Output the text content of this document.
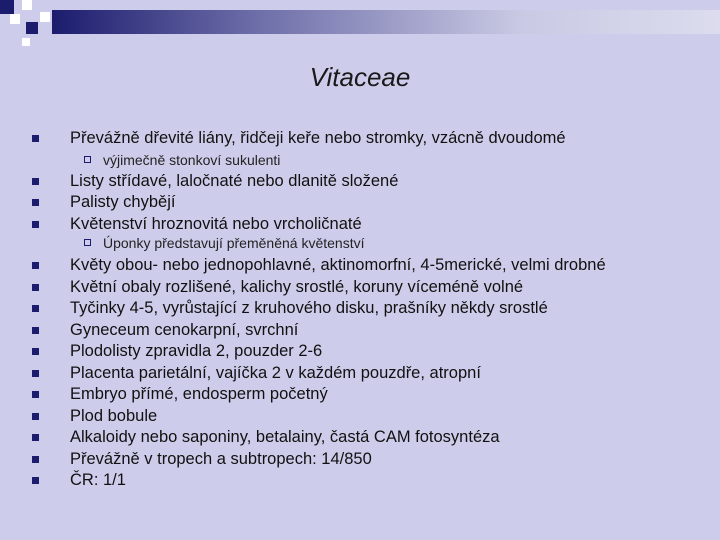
Vitaceae
Převážně dřevité liány, řidčeji keře nebo stromky, vzácně dvoudomé
výjimečně stonkoví sukulenti
Listy střídavé, laločnaté nebo dlanitě složené
Palisty chybějí
Květenství hroznovitá nebo vrcholičnaté
Úponky představují přeměněná květenství
Květy obou- nebo jednopohlavné, aktinomorfní, 4-5merické, velmi drobné
Květní obaly rozlišené, kalichy srostlé, koruny víceméně volné
Tyčinky 4-5, vyrůstající z kruhového disku, prašníky někdy srostlé
Gyneceum cenokarpní, svrchní
Plodolisty zpravidla 2, pouzder 2-6
Placenta parietální, vajíčka 2 v každém pouzdře, atropní
Embryo přímé, endosperm početný
Plod bobule
Alkaloidy nebo saponiny, betalainy, častá CAM fotosyntéza
Převážně v tropech a subtropech: 14/850
ČR: 1/1
